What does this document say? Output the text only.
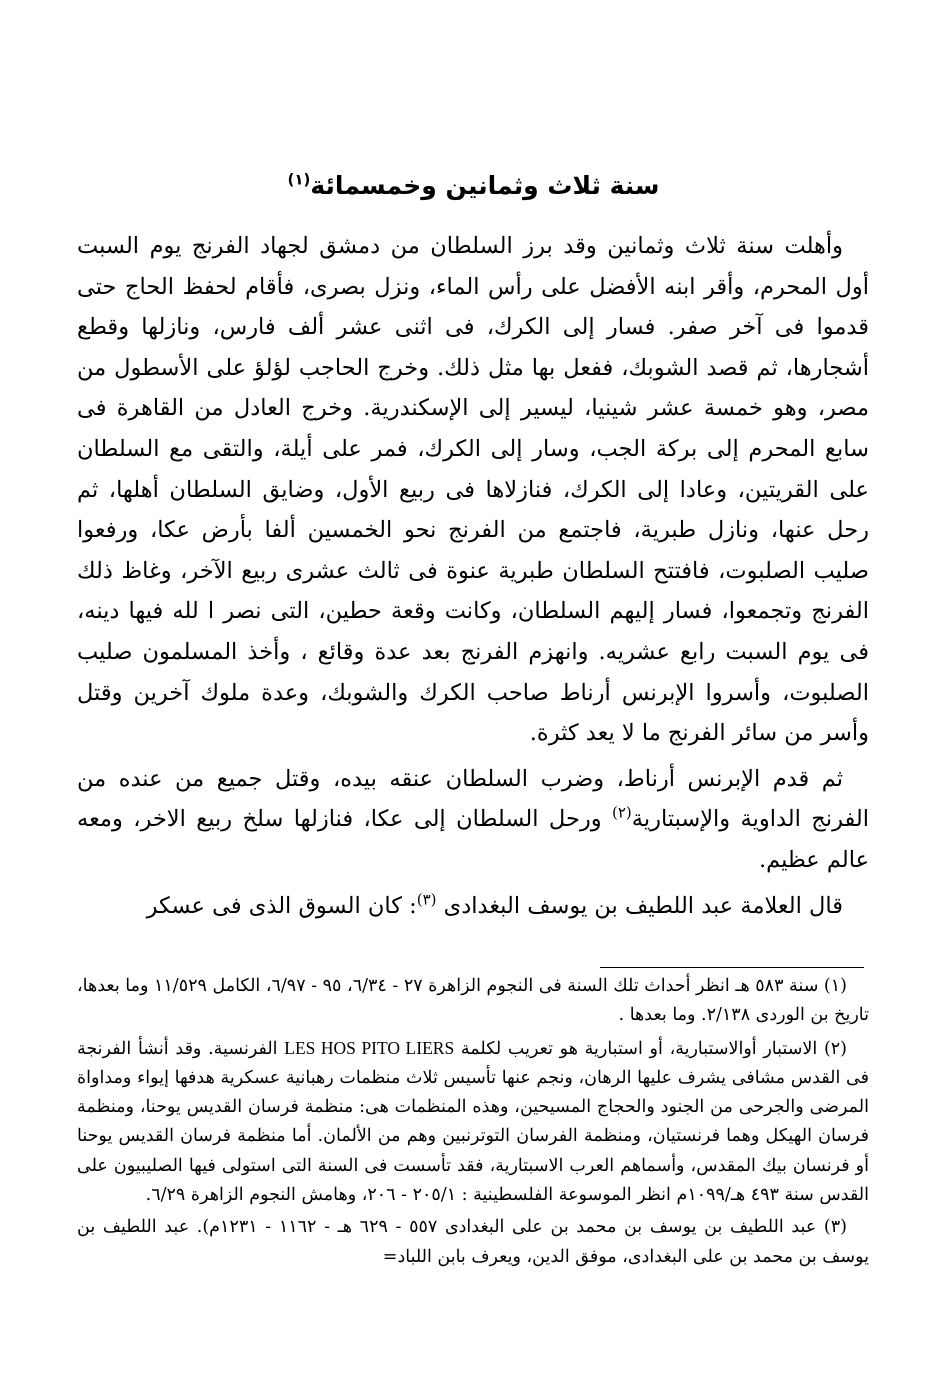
سنة ثلاث وثمانين وخمسمائة$^{(١)}$

وأهلت سنة ثلاث وثمانين وقد برز السلطان من دمشق لجهاد الفرنج يوم السبت أول المحرم، وأقر ابنه الأفضل على رأس الماء، ونزل بصرى، فأقام لحفظ الحاج حتى قدموا فى آخر صفر. فسار إلى الكرك، فى اثنى عشر ألف فارس، ونازلها وقطع أشجارها، ثم قصد الشوبك، ففعل بها مثل ذلك. وخرج الحاجب لؤلؤ على الأسطول من مصر، وهو خمسة عشر شينيا، ليسير إلى الإسكندرية. وخرج العادل من القاهرة فى سابع المحرم إلى بركة الجب، وسار إلى الكرك، فمر على أيلة، والتقى مع السلطان على القريتين، وعادا إلى الكرك، فنازلاها فى ربيع الأول، وضايق السلطان أهلها، ثم رحل عنها، ونازل طبرية، فاجتمع من الفرنج نحو الخمسين ألفا بأرض عكا، ورفعوا صليب الصلبوت، فافتتح السلطان طبرية عنوة فى ثالث عشرى ربيع الآخر، وغاظ ذلك الفرنج وتجمعوا، فسار إليهم السلطان، وكانت وقعة حطين، التى نصر ا لله فيها دينه، فى يوم السبت رابع عشريه. وانهزم الفرنج بعد عدة وقائع ، وأخذ المسلمون صليب الصلبوت، وأسروا الإبرنس أرناط صاحب الكرك والشوبك، وعدة ملوك آخرين وقتل وأسر من سائر الفرنج ما لا يعد كثرة.

ثم قدم الإبرنس أرناط، وضرب السلطان عنقه بيده، وقتل جميع من عنده من الفرنج الداوية والإسبتارية$^{(٢)}$ ورحل السلطان إلى عكا، فنازلها سلخ ربيع الاخر، ومعه عالم عظيم.

قال العلامة عبد اللطيف بن يوسف البغدادى $^{(٣)}$: كان السوق الذى فى عسكر

(١) سنة ٥٨٣ هـ انظر أحداث تلك السنة فى النجوم الزاهرة ٢٧ - ٦/٣٤، ٩٥ - ٦/٩٧، الكامل ١١/٥٢٩ وما بعدها، تاريخ بن الوردى ٢/١٣٨. وما بعدها .

(٢) الاستبار أوالاستبارية، أو استبارية هو تعريب لكلمة LES HOS PITO LIERS الفرنسية. وقد أنشأ الفرنجة فى القدس مشافى يشرف عليها الرهان، ونجم عنها تأسيس ثلاث منظمات رهبانية عسكرية هدفها إيواء ومداواة المرضى والجرحى من الجنود والحجاج المسيحين، وهذه المنظمات هى: منظمة فرسان القديس يوحنا، ومنظمة فرسان الهيكل وهما فرنستيان، ومنظمة الفرسان التوترنبين وهم من الألمان. أما منظمة فرسان القديس يوحنا أو فرنسان بيك المقدس، وأسماهم العرب الاسبتارية، فقد تأسست فى السنة التى استولى فيها الصليبيون على القدس سنة ٤٩٣ هـ/١٠٩٩م انظر الموسوعة الفلسطينية : ٢٠٥/١ - ٢٠٦، وهامش النجوم الزاهرة ٦/٢٩.

(٣) عبد اللطيف بن يوسف بن محمد بن على البغدادى ٥٥٧ - ٦٢٩ هـ - ١١٦٢ - ١٢٣١م). عبد اللطيف بن يوسف بن محمد بن على البغدادى، موفق الدين، ويعرف بابن اللباد=
